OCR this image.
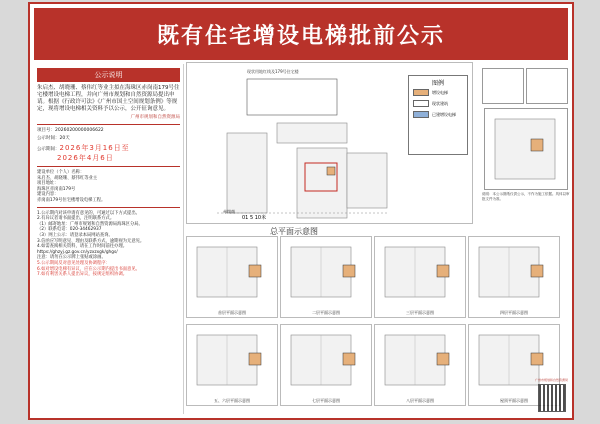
既有住宅增设电梯批前公示
公示说明

朱启杰、胡晓珊、蔡伟红等业主拟在海珠区赤岗南179号住宅楼增设电梯工程，并向广州市规划和自然资源局提出申请。根据《行政许可法》《广州市国土空间规划条例》等规定，现将增设电梯相关资料予以公示，公开征询意见。

广州市规划和自然资源局

项目号：20260200000006622

公示时间：20天

公示期间：2026年3月16日至
2026年4月6日

建设单位（个人）名称：

朱启杰、胡晓珊、蔡伟红等业主

项目地址：

海珠区赤岗南179号

建设内容：

赤岗南179号住宅楼增设电梯工程。

1.公示期内对该申请有意见的，可通过以下方式提出。

2.有异议者请书面提出，注明联系方式。

（1）邮寄地址：广州市规划和自然资源局海珠区分局。

（2）联系电话：020-34462937

（3）网上公示：请登录本局网站查询。

3.信函应写明意见、理由及联系方式，逾期视为无意见。

4.如需查阅相关资料，请在工作时间前往办理。

https://ghzyj.gz.gov.cn/yzxzxgk/ghgs/

注意：请勿在公示牌上张贴或涂画。

5.公示期间反对意见处理及协调程序：

6.如对增设电梯有异议，应在公示期内提出书面意见。

7.如有利害关系人提出异议，按规定组织协调。

现状用地红线及179号住宅楼
图例
增设电梯
现状建筑
已建增设电梯
赤岗南
01 5 10米
总平面示意图
说明：本公示图纸仅供公示，不作为施工依据。具体以审批文件为准。
首层平面示意图	二层平面示意图	三层平面示意图	四层平面示意图
五、六层平面示意图	七层平面示意图	八层平面示意图	屋顶平面示意图
广州市规划和自然资源局
